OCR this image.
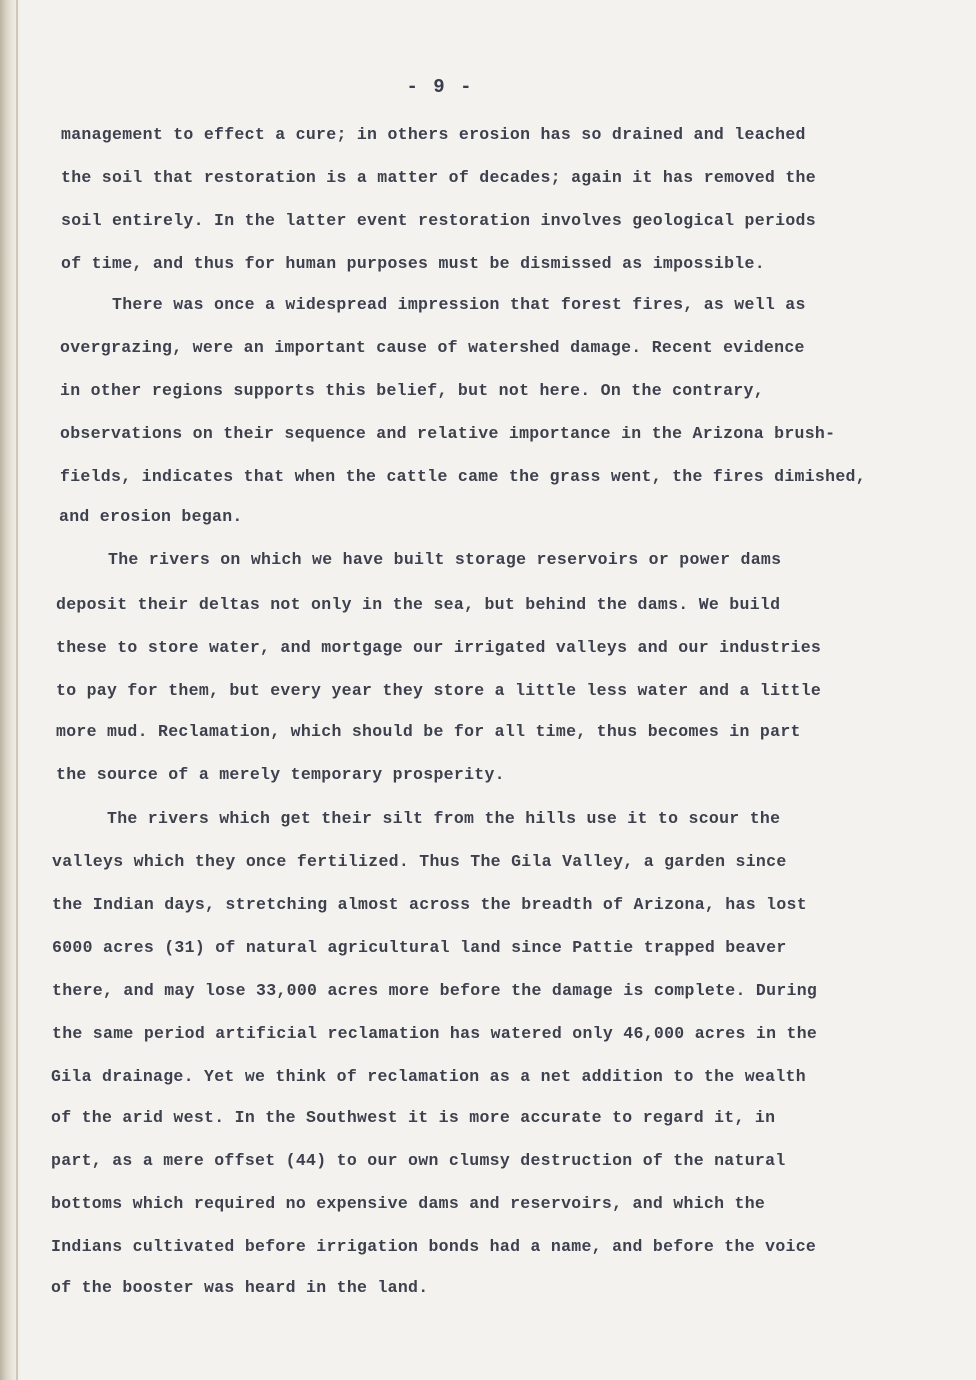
- 9 -
management to effect a cure; in others erosion has so drained and leached
the soil that restoration is a matter of decades; again it has removed the
soil entirely. In the latter event restoration involves geological periods
of time, and thus for human purposes must be dismissed as impossible.
There was once a widespread impression that forest fires, as well as
overgrazing, were an important cause of watershed damage. Recent evidence
in other regions supports this belief, but not here. On the contrary,
observations on their sequence and relative importance in the Arizona brush-
fields, indicates that when the cattle came the grass went, the fires dimished,
and erosion began.
The rivers on which we have built storage reservoirs or power dams
deposit their deltas not only in the sea, but behind the dams. We build
these to store water, and mortgage our irrigated valleys and our industries
to pay for them, but every year they store a little less water and a little
more mud. Reclamation, which should be for all time, thus becomes in part
the source of a merely temporary prosperity.
The rivers which get their silt from the hills use it to scour the
valleys which they once fertilized. Thus The Gila Valley, a garden since
the Indian days, stretching almost across the breadth of Arizona, has lost
6000 acres (31) of natural agricultural land since Pattie trapped beaver
there, and may lose 33,000 acres more before the damage is complete. During
the same period artificial reclamation has watered only 46,000 acres in the
Gila drainage. Yet we think of reclamation as a net addition to the wealth
of the arid west. In the Southwest it is more accurate to regard it, in
part, as a mere offset (44) to our own clumsy destruction of the natural
bottoms which required no expensive dams and reservoirs, and which the
Indians cultivated before irrigation bonds had a name, and before the voice
of the booster was heard in the land.
